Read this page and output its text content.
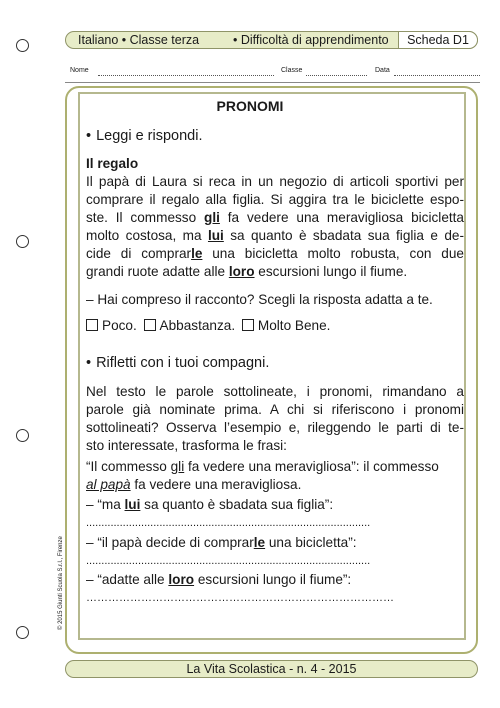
Italiano • Classe terza	• Difficoltà di apprendimento	Scheda D1
Nome	Classe	Data
PRONOMI
• Leggi e rispondi.
Il regalo
Il papà di Laura si reca in un negozio di articoli sportivi per
comprare il regalo alla figlia. Si aggira tra le biciclette espo-
ste. Il commesso gli fa vedere una meravigliosa bicicletta
molto costosa, ma lui sa quanto è sbadata sua figlia e de-
cide di comprarle una bicicletta molto robusta, con due
grandi ruote adatte alle loro escursioni lungo il fiume.
– Hai compreso il racconto? Scegli la risposta adatta a te.
Poco. Abbastanza. Molto Bene.
• Rifletti con i tuoi compagni.
Nel testo le parole sottolineate, i pronomi, rimandano a
parole già nominate prima. A chi si riferiscono i pronomi
sottolineati? Osserva l’esempio e, rileggendo le parti di te-
sto interessate, trasforma le frasi:
“Il commesso gli fa vedere una meravigliosa”: il commesso
al papà fa vedere una meravigliosa.
– “ma lui sa quanto è sbadata sua figlia”:
.............................................................................................
– “il papà decide di comprarle una bicicletta”:
.............................................................................................
– “adatte alle loro escursioni lungo il fiume”:
…………………………………………………………………………
© 2015 Giunti Scuola S.r.l., Firenze
La Vita Scolastica - n. 4 - 2015
